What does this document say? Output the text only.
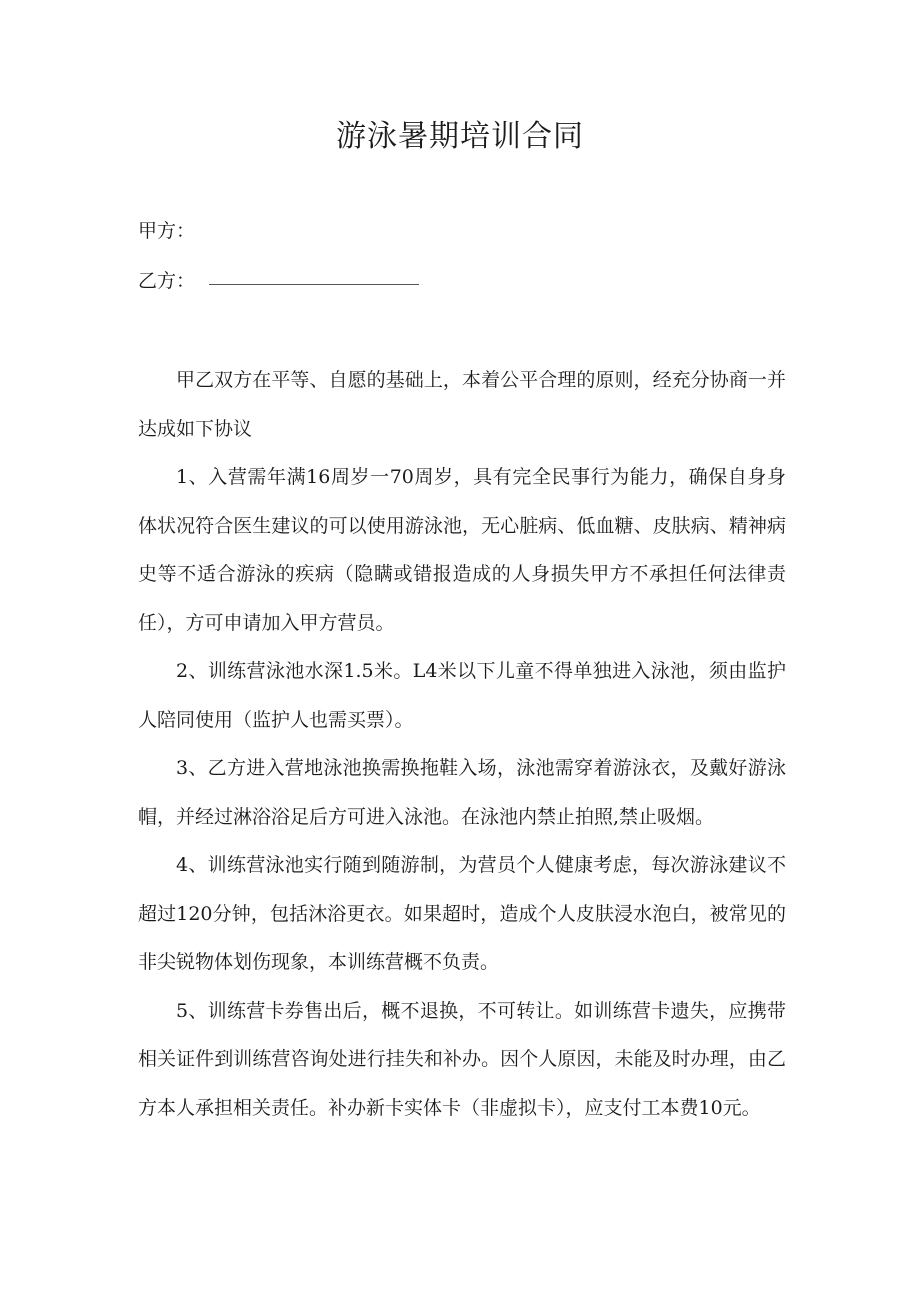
游泳暑期培训合同
甲方：
乙方：

甲乙双方在平等、自愿的基础上，本着公平合理的原则，经充分协商一并达成如下协议

1、入营需年满16周岁一70周岁，具有完全民事行为能力，确保自身身体状况符合医生建议的可以使用游泳池，无心脏病、低血糖、皮肤病、精神病史等不适合游泳的疾病（隐瞒或错报造成的人身损失甲方不承担任何法律责任），方可申请加入甲方营员。

2、训练营泳池水深1.5米。L4米以下儿童不得单独进入泳池，须由监护人陪同使用（监护人也需买票）。

3、乙方进入营地泳池换需换拖鞋入场，泳池需穿着游泳衣，及戴好游泳帽，并经过淋浴浴足后方可进入泳池。在泳池内禁止拍照,禁止吸烟。

4、训练营泳池实行随到随游制，为营员个人健康考虑，每次游泳建议不超过120分钟，包括沐浴更衣。如果超时，造成个人皮肤浸水泡白，被常见的非尖锐物体划伤现象，本训练营概不负责。

5、训练营卡券售出后，概不退换，不可转让。如训练营卡遗失，应携带相关证件到训练营咨询处进行挂失和补办。因个人原因，未能及时办理，由乙方本人承担相关责任。补办新卡实体卡（非虚拟卡），应支付工本费10元。
